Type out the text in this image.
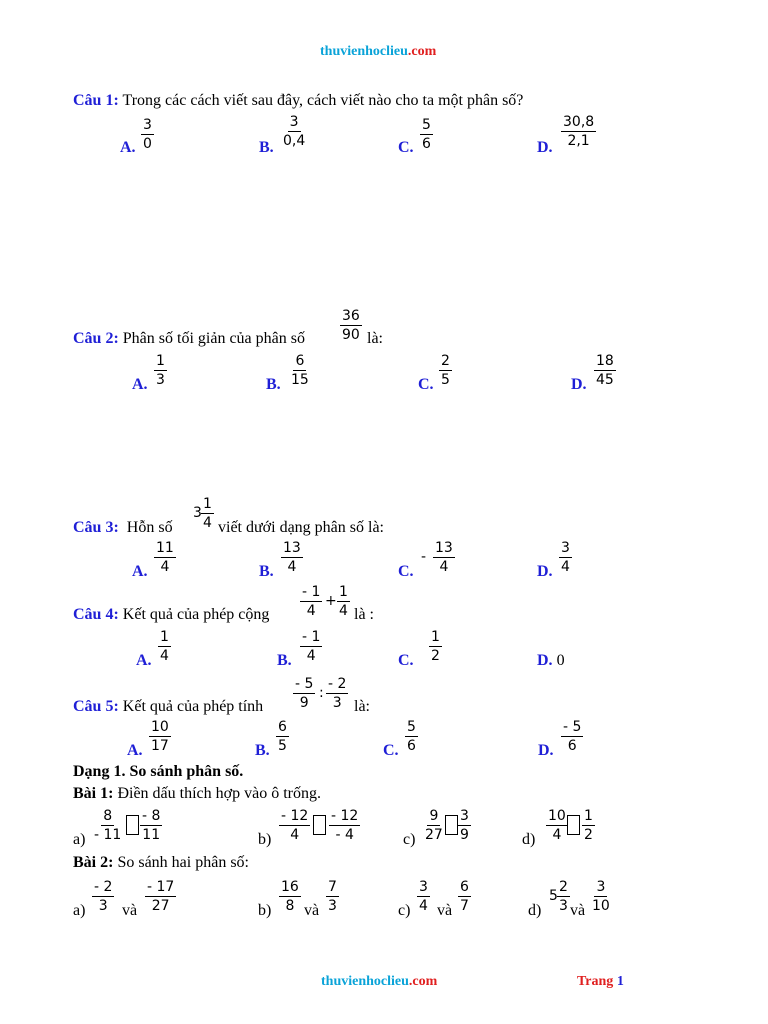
thuvienhoclieu.com
Câu 1: Trong các cách viết sau đây, cách viết nào cho ta một phân số?
A. $\frac{3}{0}$	B. $\frac{3}{0,4}$	C. $\frac{5}{6}$	D. $\frac{30,8}{2,1}$
Câu 2: Phân số tối giản của phân số	$\frac{36}{90}$ là:
A. $\frac{1}{3}$	B. $\frac{6}{15}$	C. $\frac{2}{5}$	D. $\frac{18}{45}$
Câu 3: Hỗn số
$3 \frac{1}{4}$ viết dưới dạng phân số là:
A. $\frac{11}{4}$	B. $\frac{13}{4}$	C.
- $\frac{13}{4}$	D. $\frac{3}{4}$
Câu 4: Kết quả của phép cộng $\frac{- 1}{4} + \frac{1}{4}$ là :
A. $\frac{1}{4}$	B. $\frac{- 1}{4}$	C. $\frac{1}{2}$	D. 0
Câu 5: Kết quả của phép tính $\frac{- 5}{9}$ : $\frac{- 2}{3}$ là:
A. $\frac{10}{17}$	B. $\frac{6}{5}$	C. $\frac{5}{6}$	D. $\frac{- 5}{6}$
Dạng 1. So sánh phân số.
Bài 1: Điền dấu thích hợp vào ô trống.
$a) \frac{8}{- 11} \frac{- 8}{11}$	$b) \frac{- 12}{4} \frac{- 12}{- 4}$	$c) \frac{9}{27} \frac{3}{9}$	$d) \frac{10}{4} \frac{1}{2}$
Bài 2: So sánh hai phân số:
$a) \frac{- 2}{3}$ và $\frac{- 17}{27}$	$b) \frac{16}{8}$ và $\frac{7}{3}$	$c) \frac{3}{4}$ và $\frac{6}{7}$	d)
$5 \frac{2}{3}$ và $\frac{3}{10}$
thuvienhoclieu.com	Trang 1
